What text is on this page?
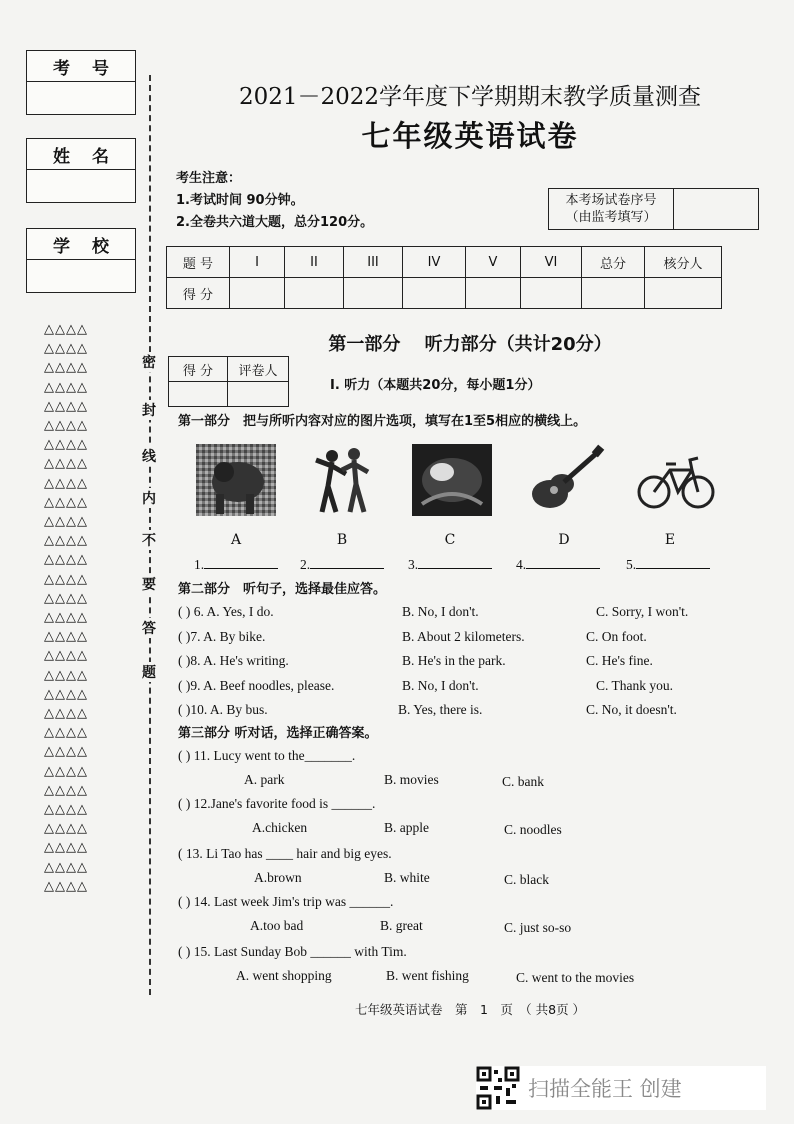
考号
姓名
学校
△△△△
△△△△
△△△△
△△△△
△△△△
△△△△
△△△△
△△△△
△△△△
△△△△
△△△△
△△△△
△△△△
△△△△
△△△△
△△△△
△△△△
△△△△
△△△△
△△△△
△△△△
△△△△
△△△△
△△△△
△△△△
△△△△
△△△△
△△△△
△△△△
△△△△
密
封
线
内
不
要
答
题
2021－2022学年度下学期期末教学质量测查
七年级英语试卷
考生注意：
1.考试时间 90分钟。
2.全卷共六道大题，总分120分。
本考场试卷序号
（由监考填写）

题 号	I	II	III	IV	V	VI	总分	核分人
得 分								
第一部分　 听力部分（共计20分）
得 分	评卷人

I. 听力（本题共20分，每小题1分）
第一部分　把与所听内容对应的图片选项，填写在1至5相应的横线上。
A	B	C	D	E
1.	2.	3.	4.	5.
第二部分　听句子，选择最佳应答。
( ) 6. A. Yes, I do.	B. No, I don't.	C. Sorry, I won't.
( )7. A. By bike.	B. About 2 kilometers.	C. On foot.
( )8. A. He's writing.	B. He's in the park.	C. He's fine.
( )9. A. Beef noodles, please.	B. No, I don't.	C. Thank you.
( )10. A. By bus.	B. Yes, there is.	C. No, it doesn't.
第三部分 听对话，选择正确答案。
( ) 11. Lucy went to the_______.
A. park	B. movies	C. bank
( ) 12.Jane's favorite food is ______.
A.chicken	B. apple	C. noodles
( 13. Li Tao has ____ hair and big eyes.
A.brown	B. white	C. black
( ) 14. Last week Jim's trip was ______.
A.too bad	B. great	C. just so-so
( ) 15. Last Sunday Bob ______ with Tim.
A. went shopping	B. went fishing	C. went to the movies
七年级英语试卷　第　1　页　（ 共8页 ）
扫描全能王 创建
